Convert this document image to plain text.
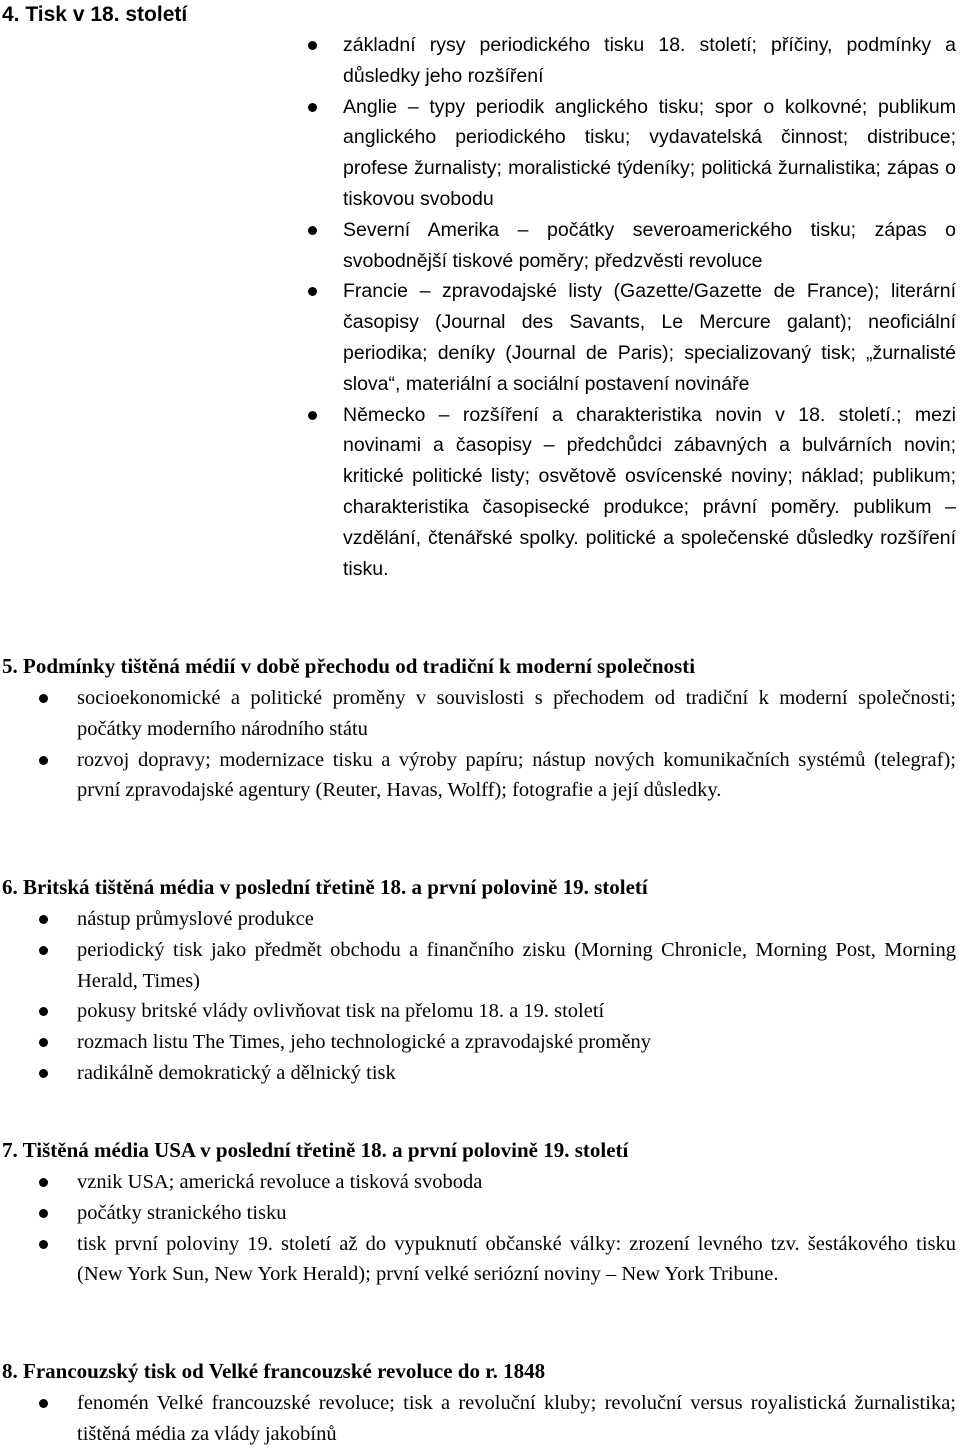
4. Tisk v 18. století
základní rysy periodického tisku 18. století; příčiny, podmínky a důsledky jeho rozšíření
Anglie – typy periodik anglického tisku; spor o kolkovné; publikum anglického periodického tisku; vydavatelská činnost; distribuce; profese žurnalisty; moralistické týdeníky; politická žurnalistika; zápas o tiskovou svobodu
Severní Amerika – počátky severoamerického tisku; zápas o svobodnější tiskové poměry; předzvěsti revoluce
Francie – zpravodajské listy (Gazette/Gazette de France); literární časopisy (Journal des Savants, Le Mercure galant); neoficiální periodika; deníky (Journal de Paris); specializovaný tisk; „žurnalisté slova“, materiální a sociální postavení novináře
Německo – rozšíření a charakteristika novin v 18. století.; mezi novinami a časopisy – předchůdci zábavných a bulvárních novin; kritické politické listy; osvětově osvícenské noviny; náklad; publikum; charakteristika časopisecké produkce; právní poměry. publikum – vzdělání, čtenářské spolky. politické a společenské důsledky rozšíření tisku.
5. Podmínky tištěná médií v době přechodu od tradiční k moderní společnosti
socioekonomické a politické proměny v souvislosti s přechodem od tradiční k moderní společnosti; počátky moderního národního státu
rozvoj dopravy; modernizace tisku a výroby papíru; nástup nových komunikačních systémů (telegraf); první zpravodajské agentury (Reuter, Havas, Wolff); fotografie a její důsledky.
6. Britská tištěná média v poslední třetině 18. a první polovině 19. století
nástup průmyslové produkce
periodický tisk jako předmět obchodu a finančního zisku (Morning Chronicle, Morning Post, Morning Herald, Times)
pokusy britské vlády ovlivňovat tisk na přelomu 18. a 19. století
rozmach listu The Times, jeho technologické a zpravodajské proměny
radikálně demokratický a dělnický tisk
7. Tištěná média USA v poslední třetině 18. a první polovině 19. století
vznik USA; americká revoluce a tisková svoboda
počátky stranického tisku
tisk první poloviny 19. století až do vypuknutí občanské války: zrození levného tzv. šestákového tisku (New York Sun, New York Herald); první velké seriózní noviny – New York Tribune.
8. Francouzský tisk od Velké francouzské revoluce do r. 1848
fenomén Velké francouzské revoluce; tisk a revoluční kluby; revoluční versus royalistická žurnalistika; tištěná média za vlády jakobínů
